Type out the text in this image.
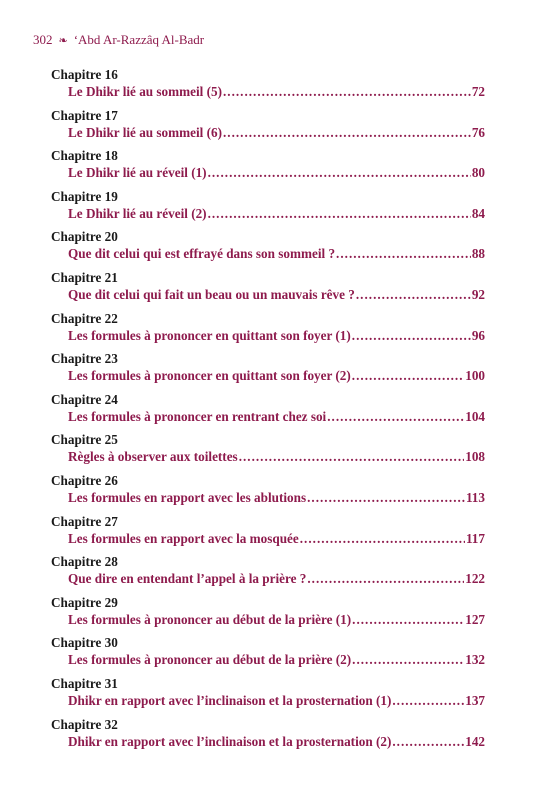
302 ❧ ‘Abd Ar-Razzâq Al-Badr
Chapitre 16
Le Dhikr lié au sommeil (5) .....	72
Chapitre 17
Le Dhikr lié au sommeil (6) .....	76
Chapitre 18
Le Dhikr lié au réveil (1) .....	80
Chapitre 19
Le Dhikr lié au réveil (2) .....	84
Chapitre 20
Que dit celui qui est effrayé dans son sommeil ? .....	88
Chapitre 21
Que dit celui qui fait un beau ou un mauvais rêve ? .....	92
Chapitre 22
Les formules à prononcer en quittant son foyer (1) .....	96
Chapitre 23
Les formules à prononcer en quittant son foyer (2) .....	100
Chapitre 24
Les formules à prononcer en rentrant chez soi .....	104
Chapitre 25
Règles à observer aux toilettes .....	108
Chapitre 26
Les formules en rapport avec les ablutions .....	113
Chapitre 27
Les formules en rapport avec la mosquée .....	117
Chapitre 28
Que dire en entendant l’appel à la prière ? .....	122
Chapitre 29
Les formules à prononcer au début de la prière (1) .....	127
Chapitre 30
Les formules à prononcer au début de la prière (2) .....	132
Chapitre 31
Dhikr en rapport avec l’inclinaison et la prosternation (1) .....	137
Chapitre 32
Dhikr en rapport avec l’inclinaison et la prosternation (2) .....	142
